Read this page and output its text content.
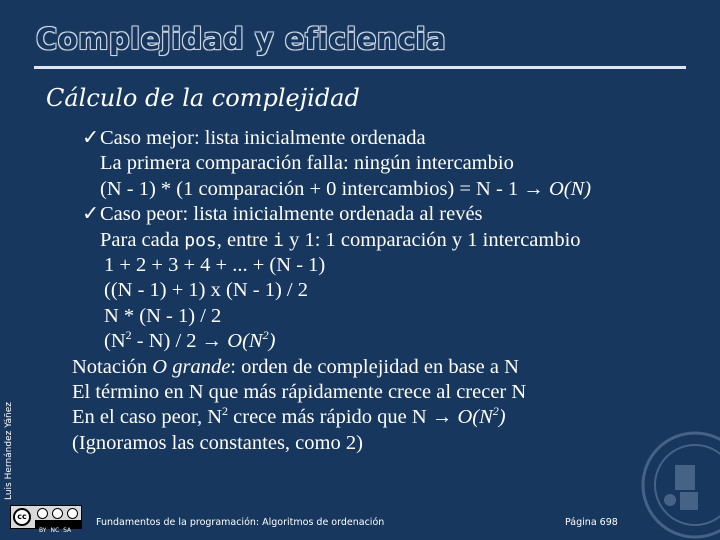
Complejidad y eficiencia
Cálculo de la complejidad
Luis Hernández Yáñez
✓Caso mejor: lista inicialmente ordenada
La primera comparación falla: ningún intercambio
(N - 1) * (1 comparación + 0 intercambios) = N - 1 → O(N)
✓Caso peor: lista inicialmente ordenada al revés
Para cada pos, entre i y 1: 1 comparación y 1 intercambio
1 + 2 + 3 + 4 + ... + (N - 1)
((N - 1) + 1) x (N - 1) / 2
N * (N - 1) / 2
$(N^2 - N) / 2 \to O(N^2)$
Notación O grande: orden de complejidad en base a N
El término en N que más rápidamente crece al crecer N
En el caso peor, $N^2$ crece más rápido que $N \to O(N^2)$
(Ignoramos las constantes, como 2)
cc
BY NC SA
Fundamentos de la programación: Algoritmos de ordenación	Página 698
